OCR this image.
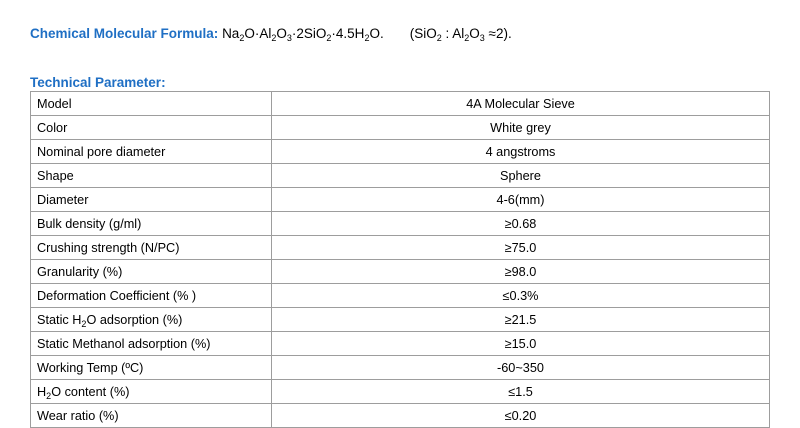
Chemical Molecular Formula: $Na_2O\cdot Al_2O_3\cdot 2SiO_2\cdot 4.5H_2O$. (SiO$_2$ : $Al_2O_3 \approx 2$).
Technical Parameter:
Model	4A Molecular Sieve
Color	White grey
Nominal pore diameter	4 angstroms
Shape	Sphere
Diameter	4-6(mm)
Bulk density (g/ml)	≥0.68
Crushing strength (N/PC)	≥75.0
Granularity (%)	≥98.0
Deformation Coefficient (% )	≤0.3%
Static $H_2O$ adsorption (%)	≥21.5
Static Methanol adsorption (%)	≥15.0
Working Temp (ºC)	-60~350
$H_2O$ content (%)	≤1.5
Wear ratio (%)	≤0.20
